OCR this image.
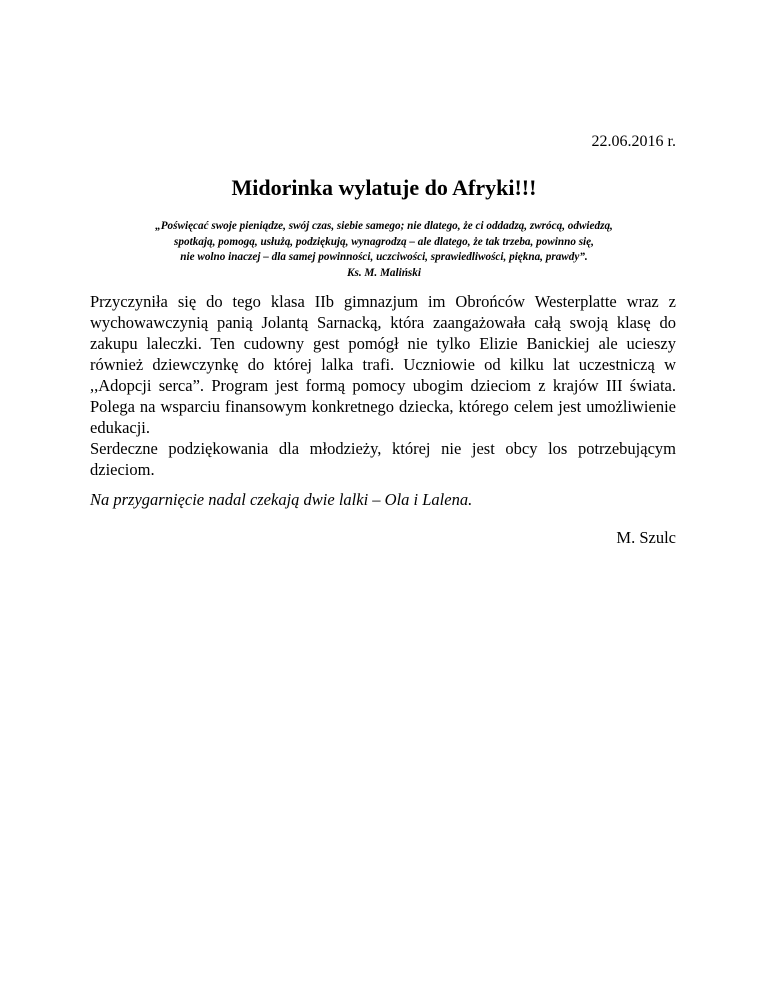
22.06.2016 r.
Midorinka wylatuje do Afryki!!!
„Poświęcać swoje pieniądze, swój czas, siebie samego; nie dlatego, że ci oddadzą, zwrócą, odwiedzą,
spotkają, pomogą, usłużą, podziękują, wynagrodzą – ale dlatego, że tak trzeba, powinno się,
nie wolno inaczej – dla samej powinności, uczciwości, sprawiedliwości, piękna, prawdy”.
Ks. M. Maliński

Przyczyniła się do tego klasa IIb gimnazjum im Obrońców Westerplatte wraz z wychowawczynią panią Jolantą Sarnacką, która zaangażowała całą swoją klasę do zakupu laleczki. Ten cudowny gest pomógł nie tylko Elizie Banickiej ale ucieszy również dziewczynkę do której lalka trafi. Uczniowie od kilku lat uczestniczą w ,,Adopcji serca”. Program jest formą pomocy ubogim dzieciom z krajów III świata. Polega na wsparciu finansowym konkretnego dziecka, którego celem jest umożliwienie edukacji.

Serdeczne podziękowania dla młodzieży, której nie jest obcy los potrzebującym dzieciom.

Na przygarnięcie nadal czekają dwie lalki – Ola i Lalena.
M. Szulc
